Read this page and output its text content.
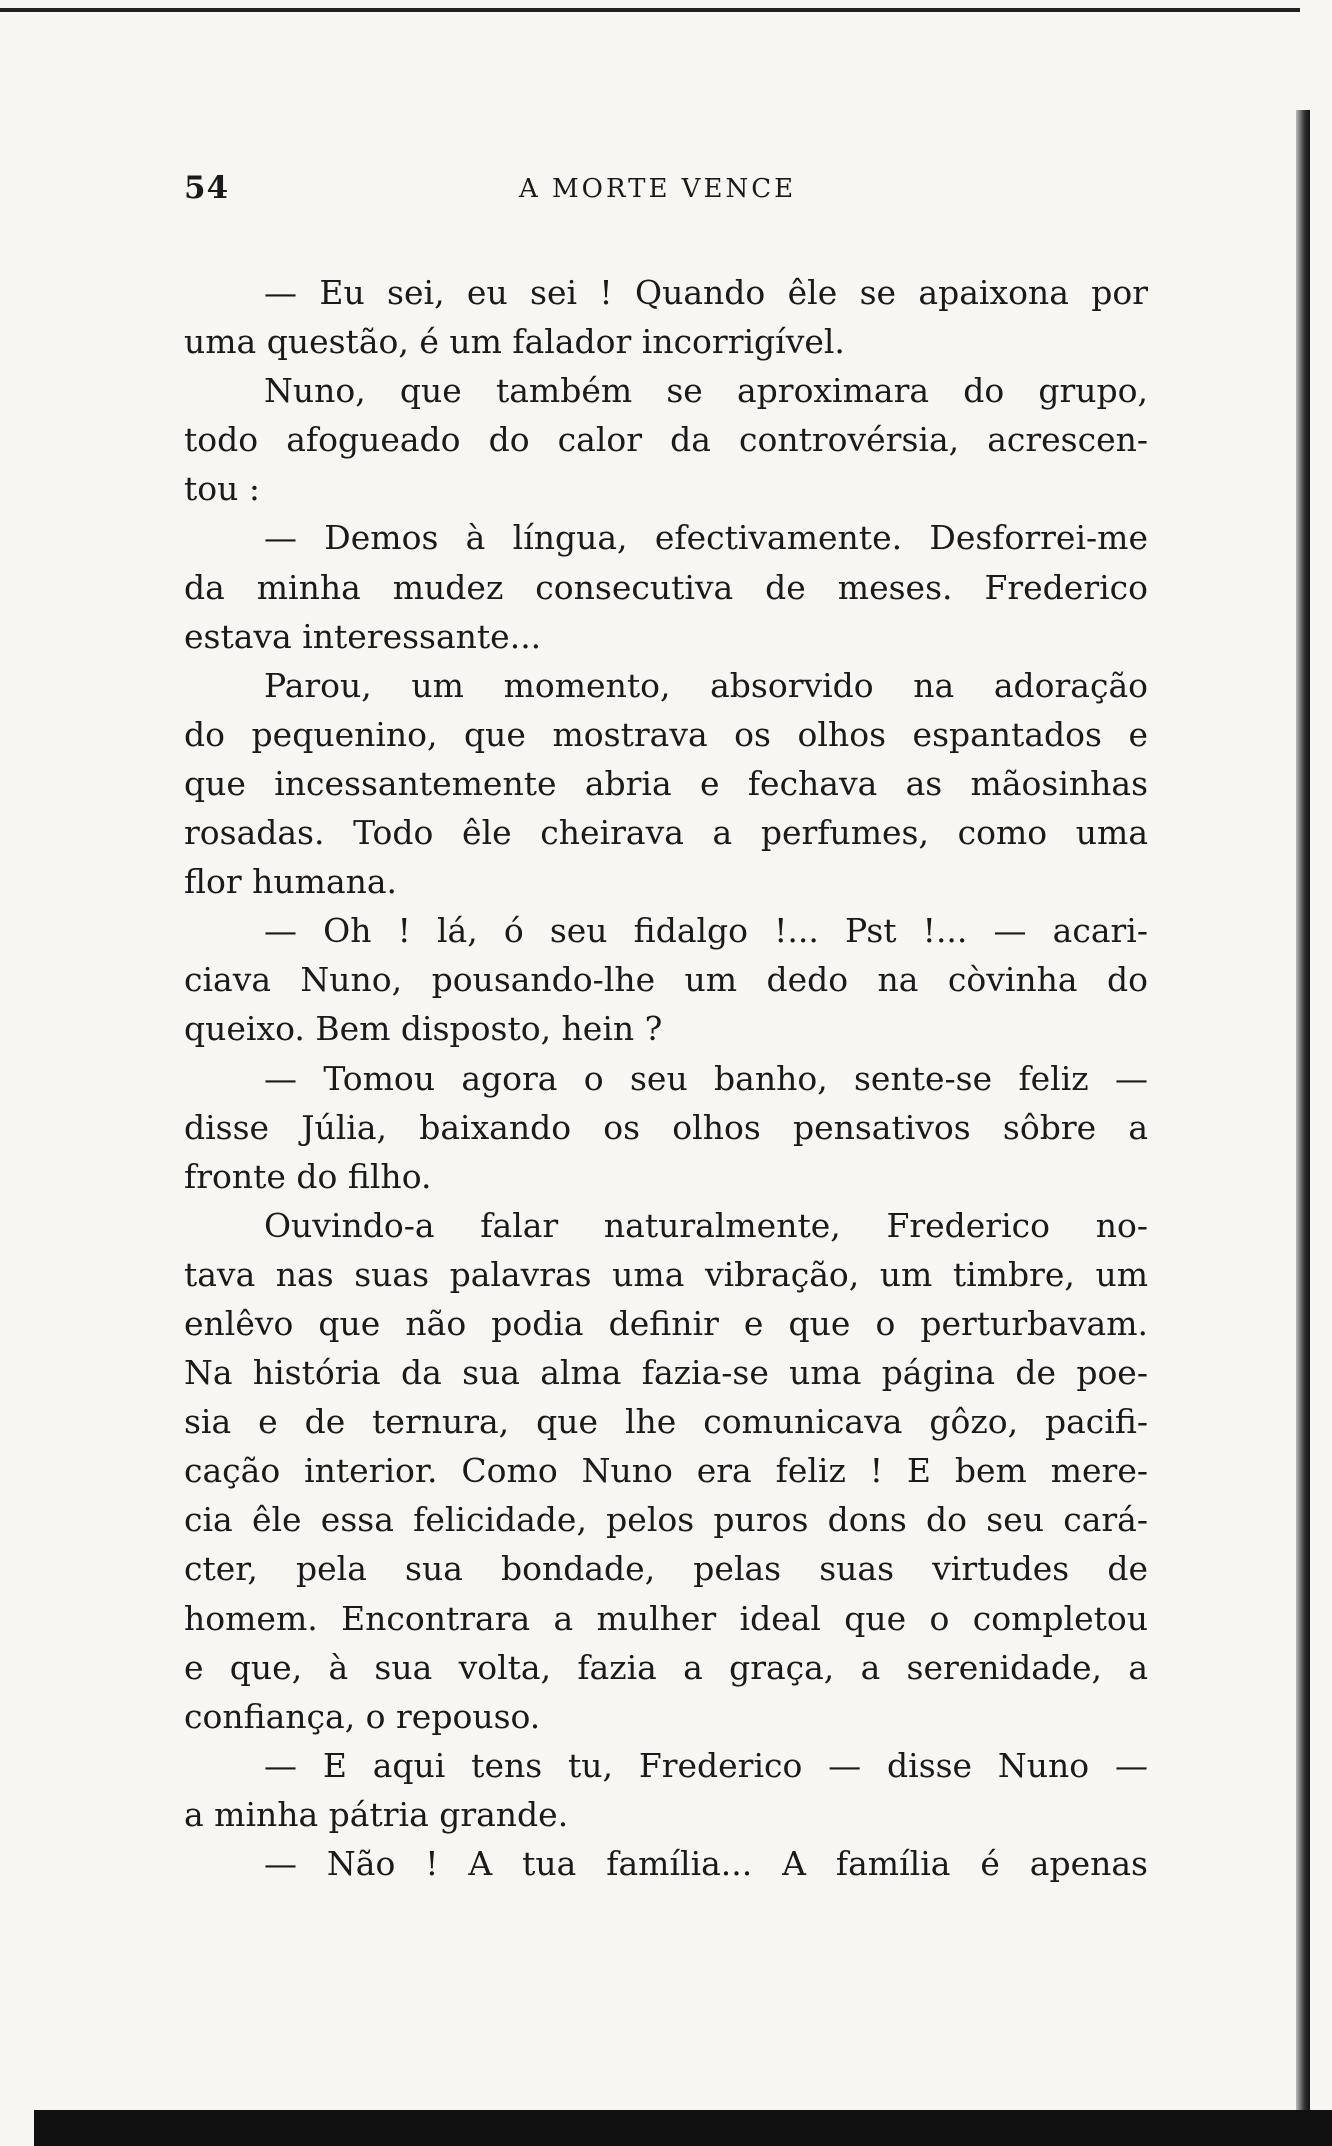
54	A MORTE VENCE
— Eu sei, eu sei ! Quando êle se apaixona por
uma questão, é um falador incorrigível.
Nuno, que também se aproximara do grupo,
todo afogueado do calor da controvérsia, acrescen-
tou :
— Demos à língua, efectivamente. Desforrei-me
da minha mudez consecutiva de meses. Frederico
estava interessante...
Parou, um momento, absorvido na adoração
do pequenino, que mostrava os olhos espantados e
que incessantemente abria e fechava as mãosinhas
rosadas. Todo êle cheirava a perfumes, como uma
flor humana.
— Oh ! lá, ó seu fidalgo !... Pst !... — acari-
ciava Nuno, pousando-lhe um dedo na còvinha do
queixo. Bem disposto, hein ?
— Tomou agora o seu banho, sente-se feliz —
disse Júlia, baixando os olhos pensativos sôbre a
fronte do filho.
Ouvindo-a falar naturalmente, Frederico no-
tava nas suas palavras uma vibração, um timbre, um
enlêvo que não podia definir e que o perturbavam.
Na história da sua alma fazia-se uma página de poe-
sia e de ternura, que lhe comunicava gôzo, pacifi-
cação interior. Como Nuno era feliz ! E bem mere-
cia êle essa felicidade, pelos puros dons do seu cará-
cter, pela sua bondade, pelas suas virtudes de
homem. Encontrara a mulher ideal que o completou
e que, à sua volta, fazia a graça, a serenidade, a
confiança, o repouso.
— E aqui tens tu, Frederico — disse Nuno —
a minha pátria grande.
— Não ! A tua família... A família é apenas
